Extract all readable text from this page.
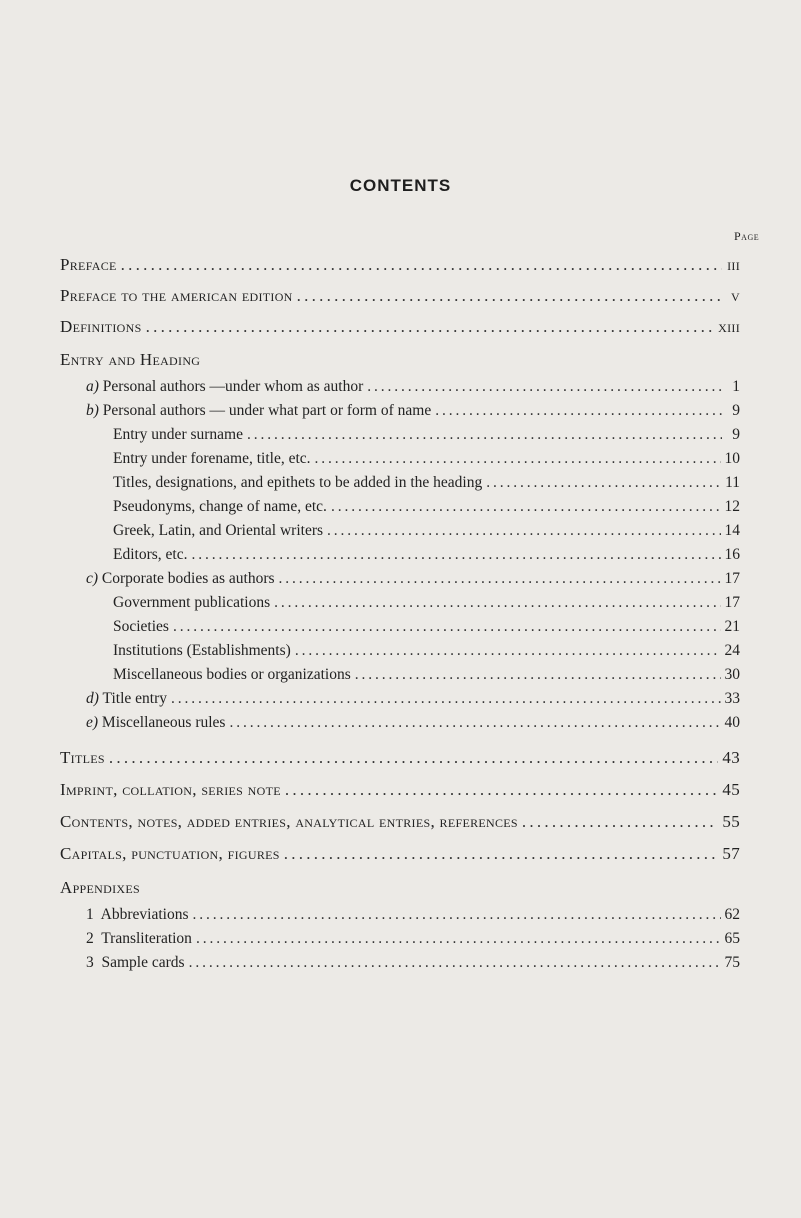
CONTENTS
Page
Preface . . .	iii
Preface to the american edition . . .	v
Definitions . . .	xiii
Entry and Heading
a) Personal authors —under whom as author . . .	1
b) Personal authors — under what part or form of name . . .	9
Entry under surname . . .	9
Entry under forename, title, etc. . . .	10
Titles, designations, and epithets to be added in the heading . . .	11
Pseudonyms, change of name, etc. . . .	12
Greek, Latin, and Oriental writers . . .	14
Editors, etc. . . .	16
c) Corporate bodies as authors . . .	17
Government publications . . .	17
Societies . . .	21
Institutions (Establishments) . . .	24
Miscellaneous bodies or organizations . . .	30
d) Title entry . . .	33
e) Miscellaneous rules . . .	40
Titles . . .	43
Imprint, collation, series note . . .	45
Contents, notes, added entries, analytical entries, references . . .	55
Capitals, punctuation, figures . . .	57
Appendixes
1 Abbreviations . . .	62
2 Transliteration . . .	65
3 Sample cards . . .	75
